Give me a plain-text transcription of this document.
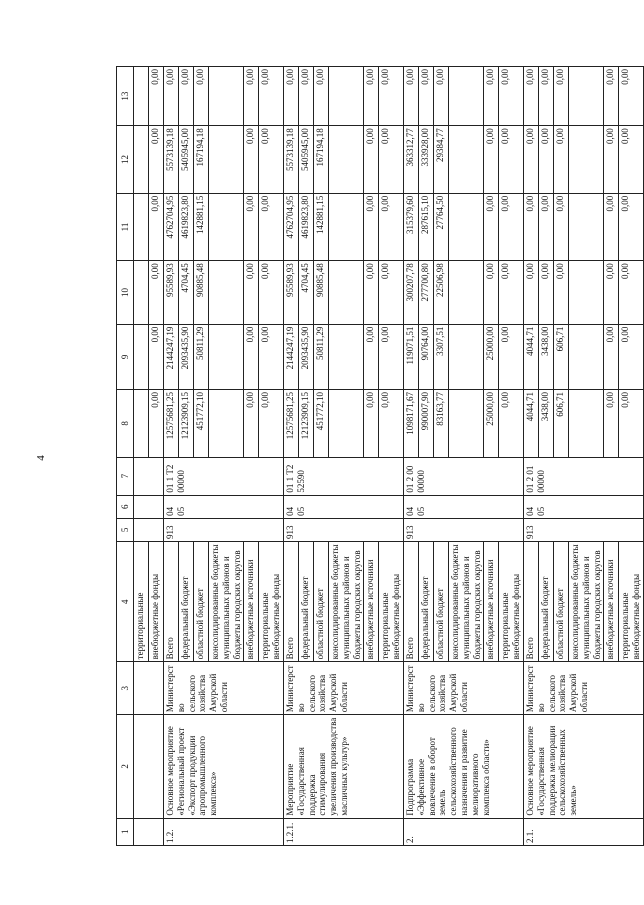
4
1	2	3	4	5	6	7	8	9	10	11	12	13
			территориальные									
			внебюджетные фонды				0,00	0,00	0,00	0,00	0,00	0,00
1.2.	Основное мероприятие «Региональный проект «Экспорт продукции агропромышленного комплекса»	Министерство сельского хозяйства Амурской области	Всего	913	04 05	01 1 Т2 00000	12575681,25	2144247,19	95589,93	4762704,95	5573139,18	0,00
			федеральный бюджет				12123909,15	2093435,90	4704,45	4619823,80	5405945,00	0,00
			областной бюджет				451772,10	50811,29	90885,48	142881,15	167194,18	0,00
			консолидированные бюджеты муниципальных районов и бюджеты городских округов									
			внебюджетные источники				0,00	0,00	0,00	0,00	0,00	0,00
			территориальные внебюджетные фонды				0,00	0,00	0,00	0,00	0,00	0,00
1.2.1.	Мероприятие «Государственная поддержка стимулирования увеличения производства масличных культур»	Министерство сельского хозяйства Амурской области	Всего	913	04 05	01 1 Т2 52590	12575681,25	2144247,19	95589,93	4762704,95	5573139,18	0,00
			федеральный бюджет				12123909,15	2093435,90	4704,45	4619823,80	5405945,00	0,00
			областной бюджет				451772,10	50811,29	90885,48	142881,15	167194,18	0,00
			консолидированные бюджеты муниципальных районов и бюджеты городских округов									
			внебюджетные источники				0,00	0,00	0,00	0,00	0,00	0,00
			территориальные внебюджетные фонды				0,00	0,00	0,00	0,00	0,00	0,00
2.	Подпрограмма «Эффективное вовлечение в оборот земель сельскохозяйственного назначения и развитие мелиоративного комплекса области»	Министерство сельского хозяйства Амурской области	Всего	913	04 05	01 2 00 00000	1098171,67	119071,51	300207,78	315379,60	363312,77	0,00
			федеральный бюджет				990007,90	90764,00	277700,80	287615,10	333928,00	0,00
			областной бюджет				83163,77	3307,51	22506,98	27764,50	29384,77	0,00
			консолидированные бюджеты муниципальных районов и бюджеты городских округов									
			внебюджетные источники				25000,00	25000,00	0,00	0,00	0,00	0,00
			территориальные внебюджетные фонды				0,00	0,00	0,00	0,00	0,00	0,00
2.1.	Основное мероприятие «Государственная поддержка мелиорации сельскохозяйственных земель»	Министерство сельского хозяйства Амурской области	Всего	913	04 05	01 2 01 00000	4044,71	4044,71	0,00	0,00	0,00	0,00
			федеральный бюджет				3438,00	3438,00	0,00	0,00	0,00	0,00
			областной бюджет				606,71	606,71	0,00	0,00	0,00	0,00
			консолидированные бюджеты муниципальных районов и бюджеты городских округов									
			внебюджетные источники				0,00	0,00	0,00	0,00	0,00	0,00
			территориальные внебюджетные фонды				0,00	0,00	0,00	0,00	0,00	0,00
